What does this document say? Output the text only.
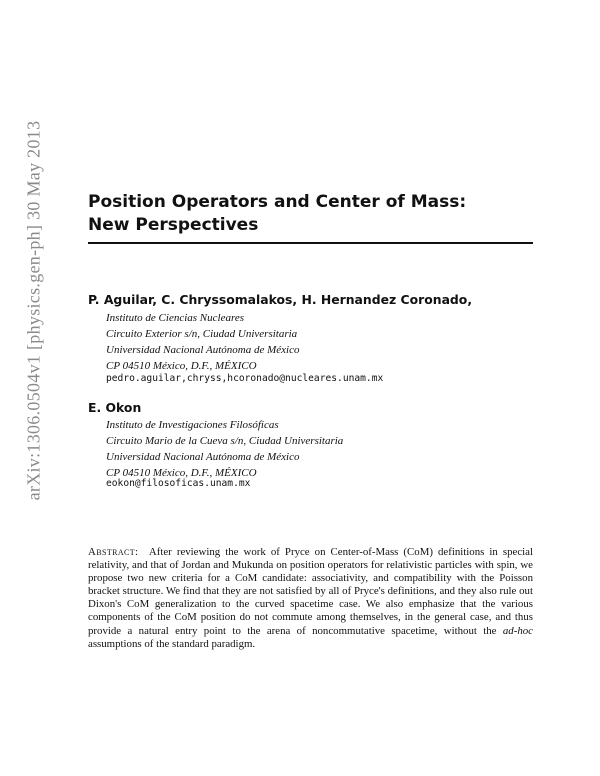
arXiv:1306.0504v1 [physics.gen-ph] 30 May 2013	Position Operators and Center of Mass:
New Perspectives
P. Aguilar, C. Chryssomalakos, H. Hernandez Coronado,
Instituto de Ciencias Nucleares
Circuito Exterior s/n, Ciudad Universitaria
Universidad Nacional Autónoma de México
CP 04510 México, D.F., MÉXICO
pedro.aguilar,chryss,hcoronado@nucleares.unam.mx
E. Okon
Instituto de Investigaciones Filosóficas
Circuito Mario de la Cueva s/n, Ciudad Universitaria
Universidad Nacional Autónoma de México
CP 04510 México, D.F., MÉXICO
eokon@filosoficas.unam.mx
Abstract: After reviewing the work of Pryce on Center-of-Mass (CoM) definitions in special relativity, and that of Jordan and Mukunda on position operators for relativistic particles with spin, we propose two new criteria for a CoM candidate: associativity, and compatibility with the Poisson bracket structure. We find that they are not satisfied by all of Pryce's definitions, and they also rule out Dixon's CoM generalization to the curved spacetime case. We also emphasize that the various components of the CoM position do not commute among themselves, in the general case, and thus provide a natural entry point to the arena of noncommutative spacetime, without the ad-hoc assumptions of the standard paradigm.
